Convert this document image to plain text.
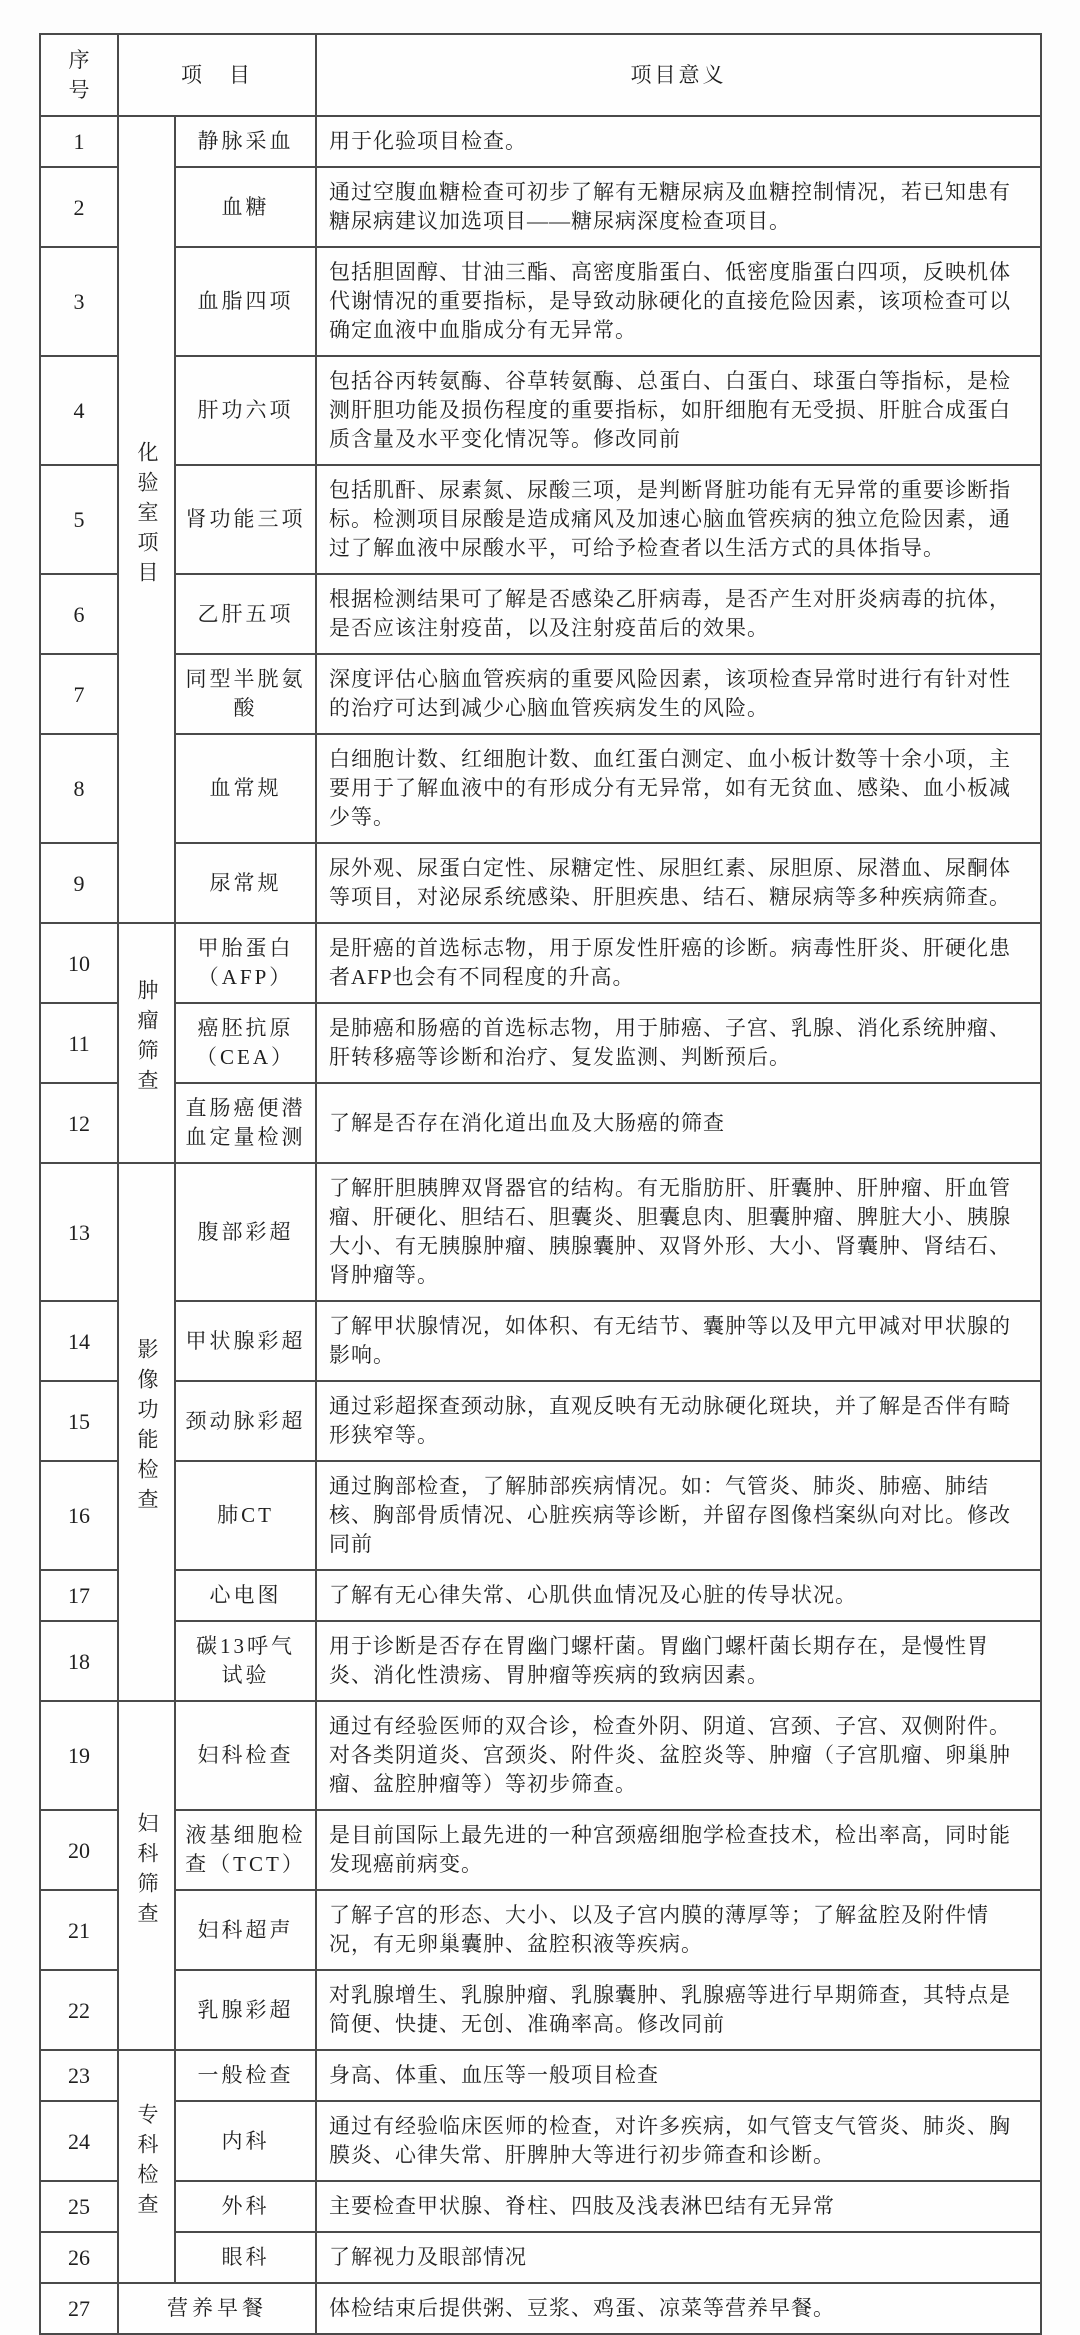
序号	项　目		项目意义
1	化验室项目	静脉采血	用于化验项目检查。
2		血糖	通过空腹血糖检查可初步了解有无糖尿病及血糖控制情况，若已知患有糖尿病建议加选项目——糖尿病深度检查项目。
3		血脂四项	包括胆固醇、甘油三酯、高密度脂蛋白、低密度脂蛋白四项，反映机体代谢情况的重要指标，是导致动脉硬化的直接危险因素，该项检查可以确定血液中血脂成分有无异常。
4		肝功六项	包括谷丙转氨酶、谷草转氨酶、总蛋白、白蛋白、球蛋白等指标，是检测肝胆功能及损伤程度的重要指标，如肝细胞有无受损、肝脏合成蛋白质含量及水平变化情况等。修改同前
5		肾功能三项	包括肌酐、尿素氮、尿酸三项，是判断肾脏功能有无异常的重要诊断指标。检测项目尿酸是造成痛风及加速心脑血管疾病的独立危险因素，通过了解血液中尿酸水平，可给予检查者以生活方式的具体指导。
6		乙肝五项	根据检测结果可了解是否感染乙肝病毒，是否产生对肝炎病毒的抗体，是否应该注射疫苗，以及注射疫苗后的效果。
7		同型半胱氨酸	深度评估心脑血管疾病的重要风险因素，该项检查异常时进行有针对性的治疗可达到减少心脑血管疾病发生的风险。
8		血常规	白细胞计数、红细胞计数、血红蛋白测定、血小板计数等十余小项，主要用于了解血液中的有形成分有无异常，如有无贫血、感染、血小板减少等。
9		尿常规	尿外观、尿蛋白定性、尿糖定性、尿胆红素、尿胆原、尿潜血、尿酮体等项目，对泌尿系统感染、肝胆疾患、结石、糖尿病等多种疾病筛查。
10	肿瘤筛查	甲胎蛋白（AFP）	是肝癌的首选标志物，用于原发性肝癌的诊断。病毒性肝炎、肝硬化患者AFP也会有不同程度的升高。
11		癌胚抗原（CEA）	是肺癌和肠癌的首选标志物，用于肺癌、子宫、乳腺、消化系统肿瘤、肝转移癌等诊断和治疗、复发监测、判断预后。
12		直肠癌便潜血定量检测	了解是否存在消化道出血及大肠癌的筛查
13	影像功能检查	腹部彩超	了解肝胆胰脾双肾器官的结构。有无脂肪肝、肝囊肿、肝肿瘤、肝血管瘤、肝硬化、胆结石、胆囊炎、胆囊息肉、胆囊肿瘤、脾脏大小、胰腺大小、有无胰腺肿瘤、胰腺囊肿、双肾外形、大小、肾囊肿、肾结石、肾肿瘤等。
14		甲状腺彩超	了解甲状腺情况，如体积、有无结节、囊肿等以及甲亢甲减对甲状腺的影响。
15		颈动脉彩超	通过彩超探查颈动脉，直观反映有无动脉硬化斑块，并了解是否伴有畸形狭窄等。
16		肺CT	通过胸部检查，了解肺部疾病情况。如：气管炎、肺炎、肺癌、肺结核、胸部骨质情况、心脏疾病等诊断，并留存图像档案纵向对比。修改同前
17		心电图	了解有无心律失常、心肌供血情况及心脏的传导状况。
18		碳13呼气试验	用于诊断是否存在胃幽门螺杆菌。胃幽门螺杆菌长期存在，是慢性胃炎、消化性溃疡、胃肿瘤等疾病的致病因素。
19	妇科筛查	妇科检查	通过有经验医师的双合诊，检查外阴、阴道、宫颈、子宫、双侧附件。对各类阴道炎、宫颈炎、附件炎、盆腔炎等、肿瘤（子宫肌瘤、卵巢肿瘤、盆腔肿瘤等）等初步筛查。
20		液基细胞检查（TCT）	是目前国际上最先进的一种宫颈癌细胞学检查技术，检出率高，同时能发现癌前病变。
21		妇科超声	了解子宫的形态、大小、以及子宫内膜的薄厚等；了解盆腔及附件情况，有无卵巢囊肿、盆腔积液等疾病。
22		乳腺彩超	对乳腺增生、乳腺肿瘤、乳腺囊肿、乳腺癌等进行早期筛查，其特点是简便、快捷、无创、准确率高。修改同前
23	专科检查	一般检查	身高、体重、血压等一般项目检查
24		内科	通过有经验临床医师的检查，对许多疾病，如气管支气管炎、肺炎、胸膜炎、心律失常、肝脾肿大等进行初步筛查和诊断。
25		外科	主要检查甲状腺、脊柱、四肢及浅表淋巴结有无异常
26		眼科	了解视力及眼部情况
27	营养早餐		体检结束后提供粥、豆浆、鸡蛋、凉菜等营养早餐。
